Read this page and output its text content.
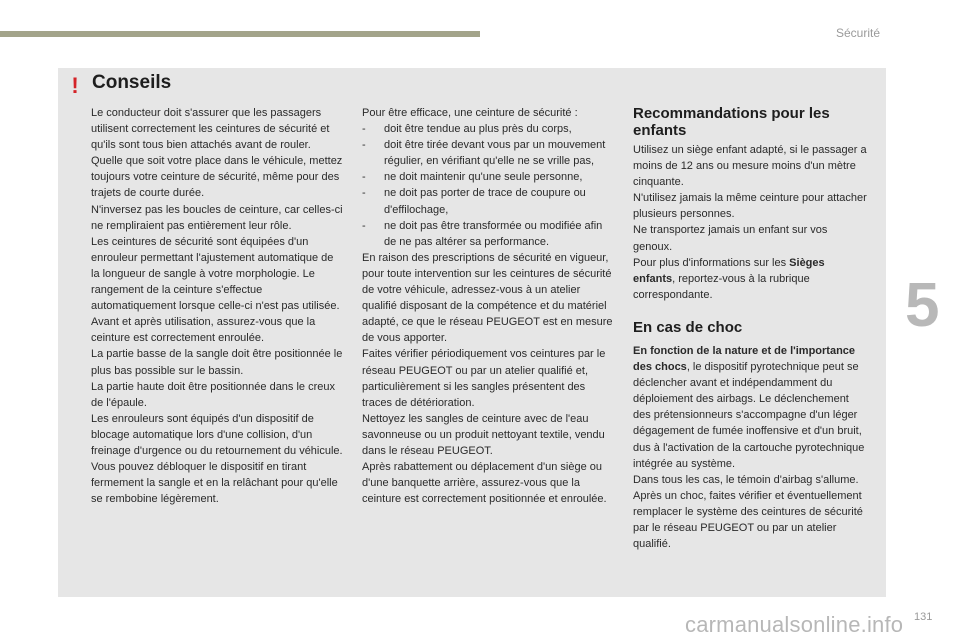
Sécurité
5
! Conseils

Le conducteur doit s'assurer que les passagers utilisent correctement les ceintures de sécurité et qu'ils sont tous bien attachés avant de rouler.

Quelle que soit votre place dans le véhicule, mettez toujours votre ceinture de sécurité, même pour des trajets de courte durée.

N'inversez pas les boucles de ceinture, car celles-ci ne rempliraient pas entièrement leur rôle.

Les ceintures de sécurité sont équipées d'un enrouleur permettant l'ajustement automatique de la longueur de sangle à votre morphologie. Le rangement de la ceinture s'effectue automatiquement lorsque celle-ci n'est pas utilisée.

Avant et après utilisation, assurez-vous que la ceinture est correctement enroulée.

La partie basse de la sangle doit être positionnée le plus bas possible sur le bassin.

La partie haute doit être positionnée dans le creux de l'épaule.

Les enrouleurs sont équipés d'un dispositif de blocage automatique lors d'une collision, d'un freinage d'urgence ou du retournement du véhicule. Vous pouvez débloquer le dispositif en tirant fermement la sangle et en la relâchant pour qu'elle se rembobine légèrement.

Pour être efficace, une ceinture de sécurité :

-	doit être tendue au plus près du corps,
-	doit être tirée devant vous par un mouvement régulier, en vérifiant qu'elle ne se vrille pas,
-	ne doit maintenir qu'une seule personne,
-	ne doit pas porter de trace de coupure ou d'effilochage,
-	ne doit pas être transformée ou modifiée afin de ne pas altérer sa performance.

En raison des prescriptions de sécurité en vigueur, pour toute intervention sur les ceintures de sécurité de votre véhicule, adressez-vous à un atelier qualifié disposant de la compétence et du matériel adapté, ce que le réseau PEUGEOT est en mesure de vous apporter.

Faites vérifier périodiquement vos ceintures par le réseau PEUGEOT ou par un atelier qualifié et, particulièrement si les sangles présentent des traces de détérioration.

Nettoyez les sangles de ceinture avec de l'eau savonneuse ou un produit nettoyant textile, vendu dans le réseau PEUGEOT.

Après rabattement ou déplacement d'un siège ou d'une banquette arrière, assurez-vous que la ceinture est correctement positionnée et enroulée.

Recommandations pour les enfants

Utilisez un siège enfant adapté, si le passager a moins de 12 ans ou mesure moins d'un mètre cinquante.

N'utilisez jamais la même ceinture pour attacher plusieurs personnes.

Ne transportez jamais un enfant sur vos genoux.

Pour plus d'informations sur les Sièges enfants, reportez-vous à la rubrique correspondante.

En cas de choc

En fonction de la nature et de l'importance des chocs, le dispositif pyrotechnique peut se déclencher avant et indépendamment du déploiement des airbags. Le déclenchement des prétensionneurs s'accompagne d'un léger dégagement de fumée inoffensive et d'un bruit, dus à l'activation de la cartouche pyrotechnique intégrée au système.

Dans tous les cas, le témoin d'airbag s'allume.

Après un choc, faites vérifier et éventuellement remplacer le système des ceintures de sécurité par le réseau PEUGEOT ou par un atelier qualifié.

131
carmanualsonline.info
